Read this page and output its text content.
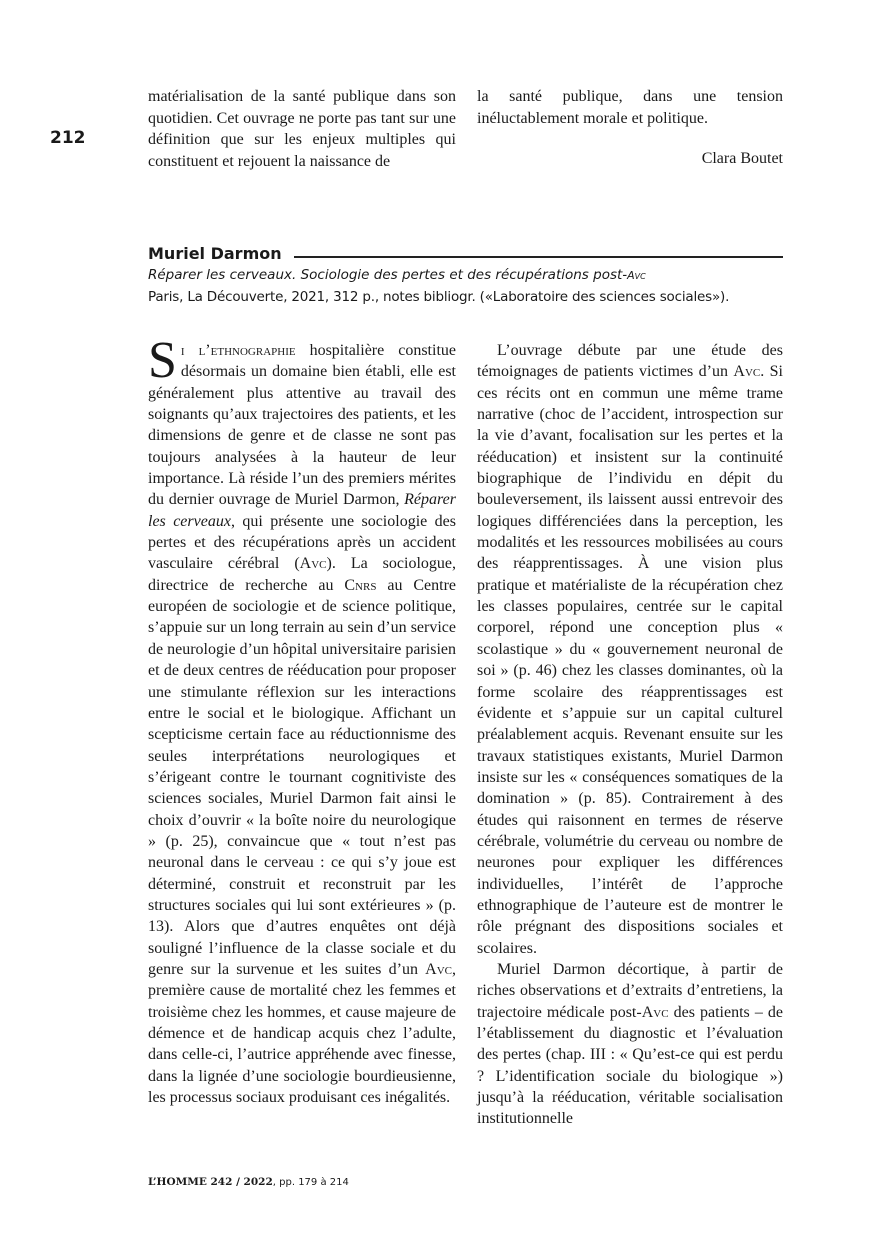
212
matérialisation de la santé publique dans son quotidien. Cet ouvrage ne porte pas tant sur une définition que sur les enjeux multiples qui constituent et rejouent la naissance de
la santé publique, dans une tension inéluctablement morale et politique.
Clara Boutet
Muriel Darmon
Réparer les cerveaux. Sociologie des pertes et des récupérations post-Avc
Paris, La Découverte, 2021, 312 p., notes bibliogr. («Laboratoire des sciences sociales»).

Si l’ethnographie hospitalière constitue désormais un domaine bien établi, elle est généralement plus attentive au travail des soignants qu’aux trajectoires des patients, et les dimensions de genre et de classe ne sont pas toujours analysées à la hauteur de leur importance. Là réside l’un des premiers mérites du dernier ouvrage de Muriel Darmon, Réparer les cerveaux, qui présente une sociologie des pertes et des récupérations après un accident vasculaire cérébral (Avc). La sociologue, directrice de recherche au Cnrs au Centre européen de sociologie et de science politique, s’appuie sur un long terrain au sein d’un service de neurologie d’un hôpital universitaire parisien et de deux centres de rééducation pour proposer une stimulante réflexion sur les interactions entre le social et le biologique. Affichant un scepticisme certain face au réductionnisme des seules interprétations neurologiques et s’érigeant contre le tournant cognitiviste des sciences sociales, Muriel Darmon fait ainsi le choix d’ouvrir « la boîte noire du neurologique » (p. 25), convaincue que « tout n’est pas neuronal dans le cerveau : ce qui s’y joue est déterminé, construit et reconstruit par les structures sociales qui lui sont extérieures » (p. 13). Alors que d’autres enquêtes ont déjà souligné l’influence de la classe sociale et du genre sur la survenue et les suites d’un Avc, première cause de mortalité chez les femmes et troisième chez les hommes, et cause majeure de démence et de handicap acquis chez l’adulte, dans celle-ci, l’autrice appréhende avec finesse, dans la lignée d’une sociologie bourdieusienne, les processus sociaux produisant ces inégalités.

L’ouvrage débute par une étude des témoignages de patients victimes d’un Avc. Si ces récits ont en commun une même trame narrative (choc de l’accident, introspection sur la vie d’avant, focalisation sur les pertes et la rééducation) et insistent sur la continuité biographique de l’individu en dépit du bouleversement, ils laissent aussi entrevoir des logiques différenciées dans la perception, les modalités et les ressources mobilisées au cours des réapprentissages. À une vision plus pratique et matérialiste de la récupération chez les classes populaires, centrée sur le capital corporel, répond une conception plus « scolastique » du « gouvernement neuronal de soi » (p. 46) chez les classes dominantes, où la forme scolaire des réapprentissages est évidente et s’appuie sur un capital culturel préalablement acquis. Revenant ensuite sur les travaux statistiques existants, Muriel Darmon insiste sur les « conséquences somatiques de la domination » (p. 85). Contrairement à des études qui raisonnent en termes de réserve cérébrale, volumétrie du cerveau ou nombre de neurones pour expliquer les différences individuelles, l’intérêt de l’approche ethnographique de l’auteure est de montrer le rôle prégnant des dispositions sociales et scolaires.

Muriel Darmon décortique, à partir de riches observations et d’extraits d’entretiens, la trajectoire médicale post-Avc des patients – de l’établissement du diagnostic et l’évaluation des pertes (chap. III : « Qu’est-ce qui est perdu ? L’identification sociale du biologique ») jusqu’à la rééducation, véritable socialisation institutionnelle

L’HOMME 242 / 2022, pp. 179 à 214
